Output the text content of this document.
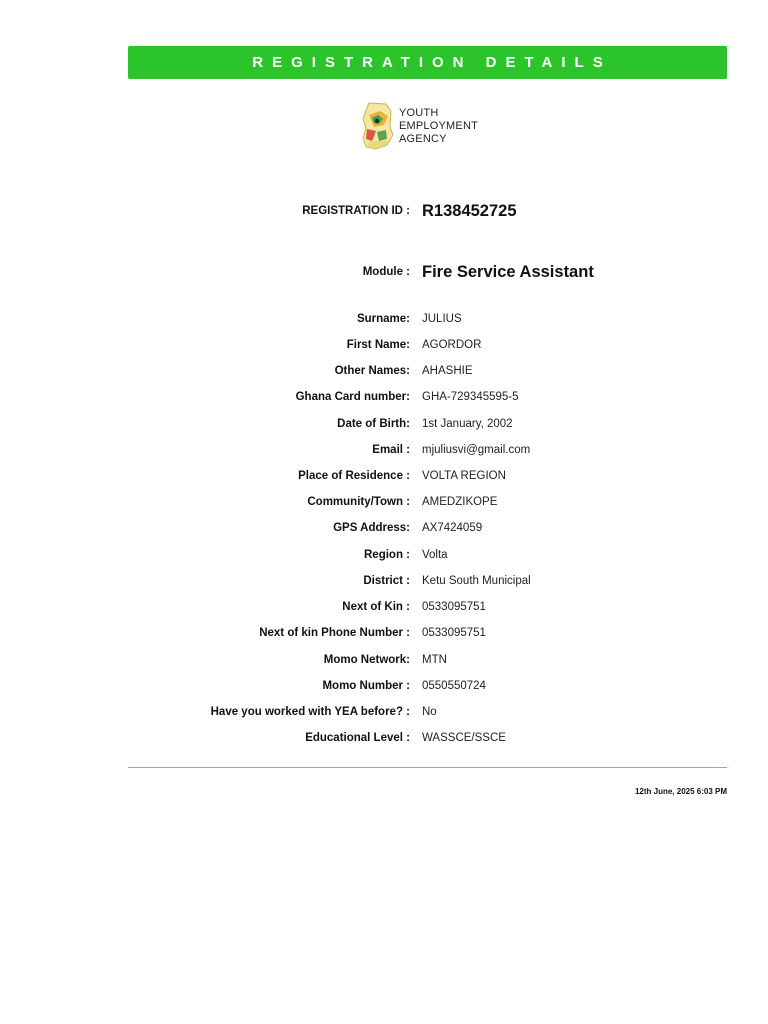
REGISTRATION DETAILS
YOUTH
EMPLOYMENT
AGENCY
REGISTRATION ID : R138452725
Module : Fire Service Assistant
Surname: JULIUS
First Name: AGORDOR
Other Names: AHASHIE
Ghana Card number: GHA-729345595-5
Date of Birth: 1st January, 2002
Email : mjuliusvi@gmail.com
Place of Residence : VOLTA REGION
Community/Town : AMEDZIKOPE
GPS Address: AX7424059
Region : Volta
District : Ketu South Municipal
Next of Kin : 0533095751
Next of kin Phone Number : 0533095751
Momo Network: MTN
Momo Number : 0550550724
Have you worked with YEA before? : No
Educational Level : WASSCE/SSCE
12th June, 2025 6:03 PM
